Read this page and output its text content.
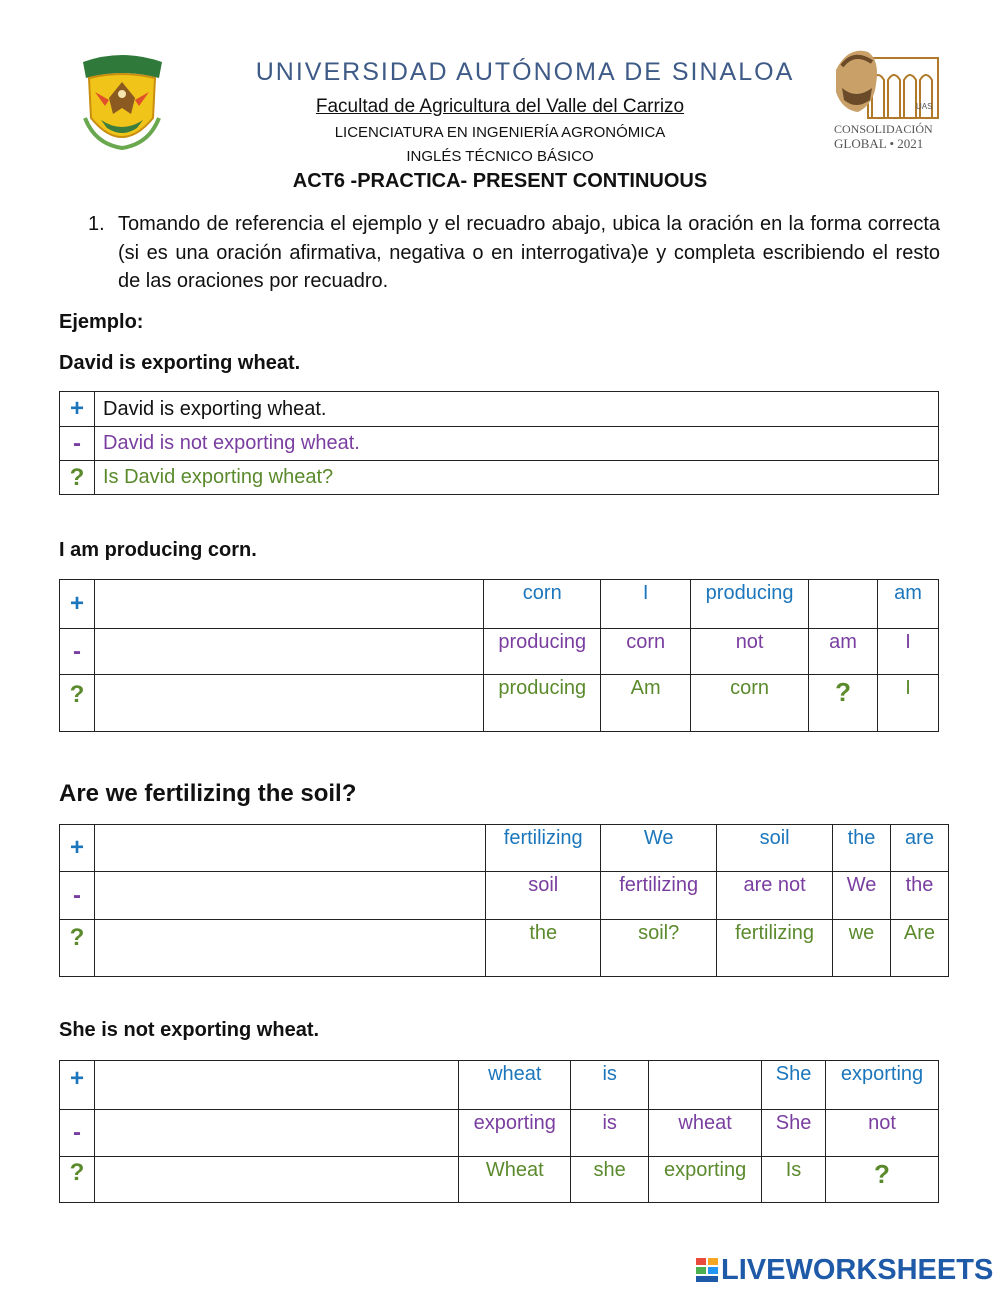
UAS
CONSOLIDACIÓN
GLOBAL • 2021
UNIVERSIDAD AUTÓNOMA DE SINALOA
Facultad de Agricultura del Valle del Carrizo
LICENCIATURA EN INGENIERÍA AGRONÓMICA
INGLÉS TÉCNICO BÁSICO
ACT6 -PRACTICA- PRESENT CONTINUOUS
1. Tomando de referencia el ejemplo y el recuadro abajo, ubica la oración en la forma correcta (si es una oración afirmativa, negativa o en interrogativa)e y completa escribiendo el resto de las oraciones por recuadro.
Ejemplo:
David is exporting wheat.
+	David is exporting wheat.
-	David is not exporting wheat.
?	Is David exporting wheat?
I am producing corn.
+		corn	I	producing		am

-		producing	corn	not	am	I

?		producing	Am	corn	?	I
Are we fertilizing the soil?
+		fertilizing	We	soil	the	are

-		soil	fertilizing	are not	We	the

?		the	soil?	fertilizing	we	Are
She is not exporting wheat.
+		wheat	is		She	exporting

-		exporting	is	wheat	She	not

?		Wheat	she	exporting	Is	?
LIVEWORKSHEETS
